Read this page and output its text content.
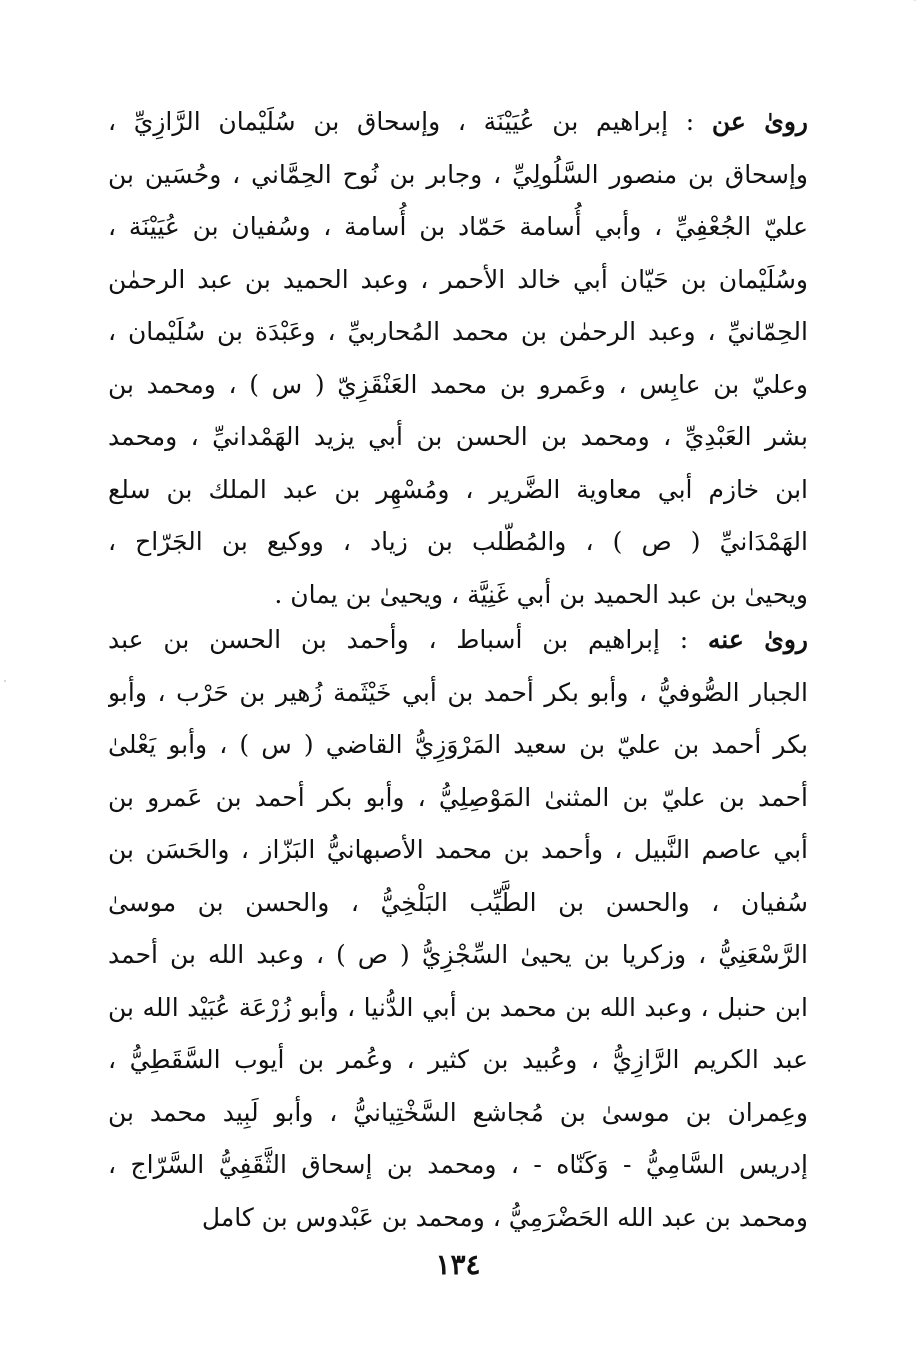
روىٰ عن : إبراهيم بن عُيَيْنَة ، وإسحاق بن سُلَيْمان الرَّازِيِّ ،
وإسحاق بن منصور السَّلُولِيِّ ، وجابر بن نُوح الحِمَّاني ، وحُسَين بن
عليّ الجُعْفِيِّ ، وأبي أُسامة حَمّاد بن أُسامة ، وسُفيان بن عُيَيْنَة ،
وسُلَيْمان بن حَيّان أبي خالد الأحمر ، وعبد الحميد بن عبد الرحمٰن
الحِمّانيِّ ، وعبد الرحمٰن بن محمد المُحاربيِّ ، وعَبْدَة بن سُلَيْمان ،
وعليّ بن عابِس ، وعَمرو بن محمد العَنْقَزِيّ ( س ) ، ومحمد بن
بشر العَبْدِيِّ ، ومحمد بن الحسن بن أبي يزيد الهَمْدانيِّ ، ومحمد
ابن خازم أبي معاوية الضَّرير ، ومُسْهِر بن عبد الملك بن سلع
الهَمْدَانيِّ ( ص ) ، والمُطّلب بن زياد ، ووكيع بن الجَرّاح ،
ويحيىٰ بن عبد الحميد بن أبي غَنِيَّة ، ويحيىٰ بن يمان .
روىٰ عنه : إبراهيم بن أسباط ، وأحمد بن الحسن بن عبد
الجبار الصُّوفيُّ ، وأبو بكر أحمد بن أبي خَيْثَمة زُهير بن حَرْب ، وأبو
بكر أحمد بن عليّ بن سعيد المَرْوَزِيُّ القاضي ( س ) ، وأبو يَعْلىٰ
أحمد بن عليّ بن المثنىٰ المَوْصِلِيُّ ، وأبو بكر أحمد بن عَمرو بن
أبي عاصم النَّبيل ، وأحمد بن محمد الأصبهانيُّ البَزّاز ، والحَسَن بن
سُفيان ، والحسن بن الطَّيِّب البَلْخِيُّ ، والحسن بن موسىٰ
الرَّسْعَنِيُّ ، وزكريا بن يحيىٰ السِّجْزِيُّ ( ص ) ، وعبد الله بن أحمد
ابن حنبل ، وعبد الله بن محمد بن أبي الدُّنيا ، وأبو زُرْعَة عُبَيْد الله بن
عبد الكريم الرَّازِيُّ ، وعُبيد بن كثير ، وعُمر بن أيوب السَّقَطِيُّ ،
وعِمران بن موسىٰ بن مُجاشع السَّخْتِيانيُّ ، وأبو لَبِيد محمد بن
إدريس السَّامِيُّ - وَكَنّاه - ، ومحمد بن إسحاق الثَّقَفِيُّ السَّرّاج ،
ومحمد بن عبد الله الحَضْرَمِيُّ ، ومحمد بن عَبْدوس بن كامل
١٣٤
